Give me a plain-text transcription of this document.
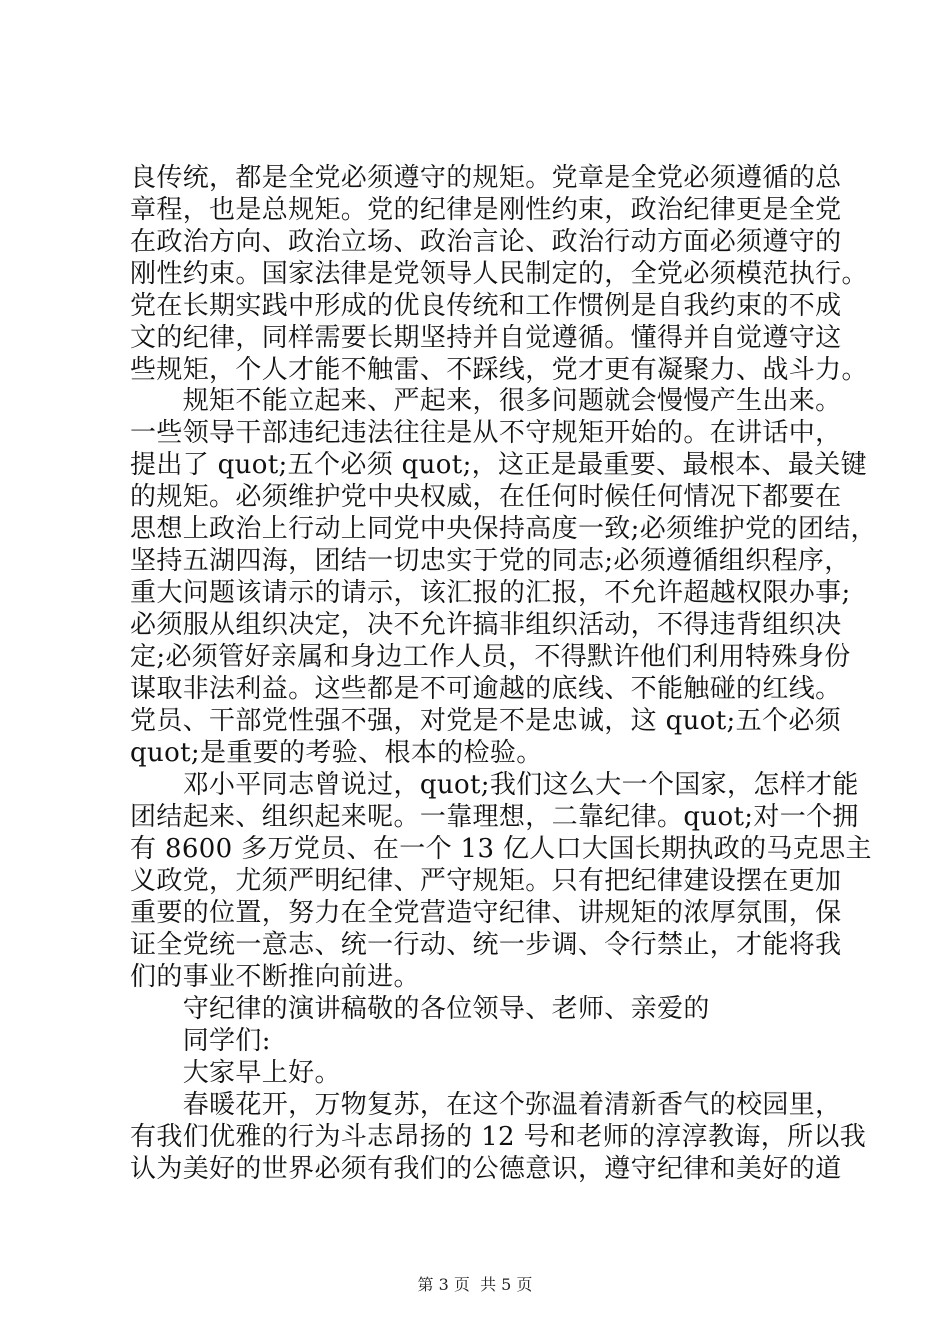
良传统，都是全党必须遵守的规矩。党章是全党必须遵循的总
章程，也是总规矩。党的纪律是刚性约束，政治纪律更是全党
在政治方向、政治立场、政治言论、政治行动方面必须遵守的
刚性约束。国家法律是党领导人民制定的，全党必须模范执行。
党在长期实践中形成的优良传统和工作惯例是自我约束的不成
文的纪律，同样需要长期坚持并自觉遵循。懂得并自觉遵守这
些规矩，个人才能不触雷、不踩线，党才更有凝聚力、战斗力。
　　规矩不能立起来、严起来，很多问题就会慢慢产生出来。
一些领导干部违纪违法往往是从不守规矩开始的。在讲话中，
提出了 quot;五个必须 quot;，这正是最重要、最根本、最关键
的规矩。必须维护党中央权威，在任何时候任何情况下都要在
思想上政治上行动上同党中央保持高度一致;必须维护党的团结，
坚持五湖四海，团结一切忠实于党的同志;必须遵循组织程序，
重大问题该请示的请示，该汇报的汇报，不允许超越权限办事;
必须服从组织决定，决不允许搞非组织活动，不得违背组织决
定;必须管好亲属和身边工作人员，不得默许他们利用特殊身份
谋取非法利益。这些都是不可逾越的底线、不能触碰的红线。
党员、干部党性强不强，对党是不是忠诚，这 quot;五个必须
quot;是重要的考验、根本的检验。
　　邓小平同志曾说过，quot;我们这么大一个国家，怎样才能
团结起来、组织起来呢。一靠理想，二靠纪律。quot;对一个拥
有 8600 多万党员、在一个 13 亿人口大国长期执政的马克思主
义政党，尤须严明纪律、严守规矩。只有把纪律建设摆在更加
重要的位置，努力在全党营造守纪律、讲规矩的浓厚氛围，保
证全党统一意志、统一行动、统一步调、令行禁止，才能将我
们的事业不断推向前进。
　　守纪律的演讲稿敬的各位领导、老师、亲爱的
　　同学们:
　　大家早上好。
　　春暖花开，万物复苏，在这个弥温着清新香气的校园里，
有我们优雅的行为斗志昂扬的 12 号和老师的淳淳教诲，所以我
认为美好的世界必须有我们的公德意识，遵守纪律和美好的道
第 3 页  共 5 页
